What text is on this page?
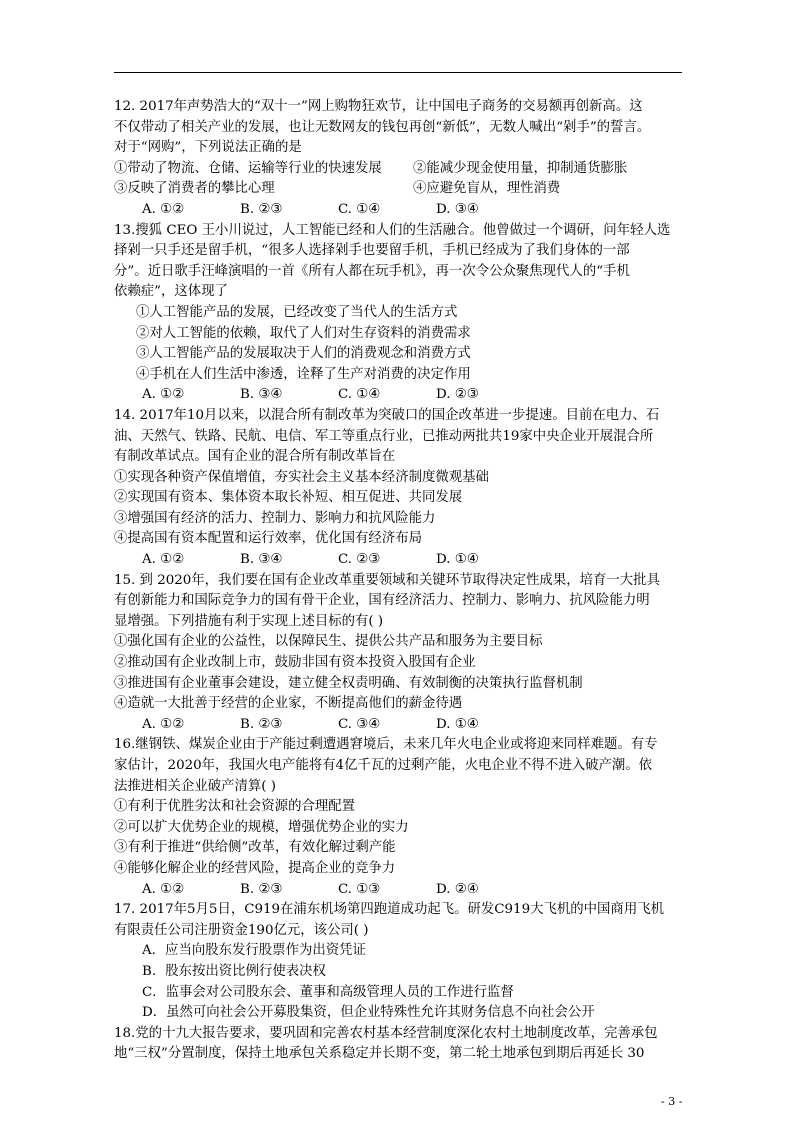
12. 2017年声势浩大的“双十一”网上购物狂欢节，让中国电子商务的交易额再创新高。这
不仅带动了相关产业的发展，也让无数网友的钱包再创“新低”，无数人喊出“剁手”的誓言。
对于“网购”，下列说法正确的是
①带动了物流、仓储、运输等行业的快速发展	②能减少现金使用量，抑制通货膨胀
③反映了消费者的攀比心理	④应避免盲从，理性消费
A. ①②	B. ②③	C. ①④	D. ③④
13.搜狐 CEO 王小川说过，人工智能已经和人们的生活融合。他曾做过一个调研，问年轻人选
择剁一只手还是留手机，“很多人选择剁手也要留手机，手机已经成为了我们身体的一部
分”。近日歌手汪峰演唱的一首《所有人都在玩手机》，再一次令公众聚焦现代人的“手机
依赖症”，这体现了
①人工智能产品的发展，已经改变了当代人的生活方式
②对人工智能的依赖，取代了人们对生存资料的消费需求
③人工智能产品的发展取决于人们的消费观念和消费方式
④手机在人们生活中渗透，诠释了生产对消费的决定作用
A. ①②	B. ③④	C. ①④	D. ②③
14. 2017年10月以来，以混合所有制改革为突破口的国企改革进一步提速。目前在电力、石
油、天然气、铁路、民航、电信、军工等重点行业，已推动两批共19家中央企业开展混合所
有制改革试点。国有企业的混合所有制改革旨在
①实现各种资产保值增值，夯实社会主义基本经济制度微观基础
②实现国有资本、集体资本取长补短、相互促进、共同发展
③增强国有经济的活力、控制力、影响力和抗风险能力
④提高国有资本配置和运行效率，优化国有经济布局
A. ①②	B. ③④	C. ②③	D. ①④
15. 到 2020年，我们要在国有企业改革重要领域和关键环节取得决定性成果，培育一大批具
有创新能力和国际竞争力的国有骨干企业，国有经济活力、控制力、影响力、抗风险能力明
显增强。下列措施有利于实现上述目标的有( )
①强化国有企业的公益性，以保障民生、提供公共产品和服务为主要目标
②推动国有企业改制上市，鼓励非国有资本投资入股国有企业
③推进国有企业董事会建设，建立健全权责明确、有效制衡的决策执行监督机制
④造就一大批善于经营的企业家，不断提高他们的薪金待遇
A. ①②	B. ②③	C. ③④	D. ①④
16.继钢铁、煤炭企业由于产能过剩遭遇窘境后，未来几年火电企业或将迎来同样难题。有专
家估计，2020年，我国火电产能将有4亿千瓦的过剩产能，火电企业不得不进入破产潮。依
法推进相关企业破产清算( )
①有利于优胜劣汰和社会资源的合理配置
②可以扩大优势企业的规模，增强优势企业的实力
③有利于推进“供给侧”改革，有效化解过剩产能
④能够化解企业的经营风险，提高企业的竞争力
A. ①②	B. ②③	C. ①③	D. ②④
17. 2017年5月5日，C919在浦东机场第四跑道成功起飞。研发C919大飞机的中国商用飞机
有限责任公司注册资金190亿元，该公司( )
A．应当向股东发行股票作为出资凭证
B．股东按出资比例行使表决权
C．监事会对公司股东会、董事和高级管理人员的工作进行监督
D．虽然可向社会公开募股集资，但企业特殊性允许其财务信息不向社会公开
18.党的十九大报告要求，要巩固和完善农村基本经营制度深化农村土地制度改革，完善承包
地“三权”分置制度，保持土地承包关系稳定并长期不变，第二轮土地承包到期后再延长 30
- 3 -
